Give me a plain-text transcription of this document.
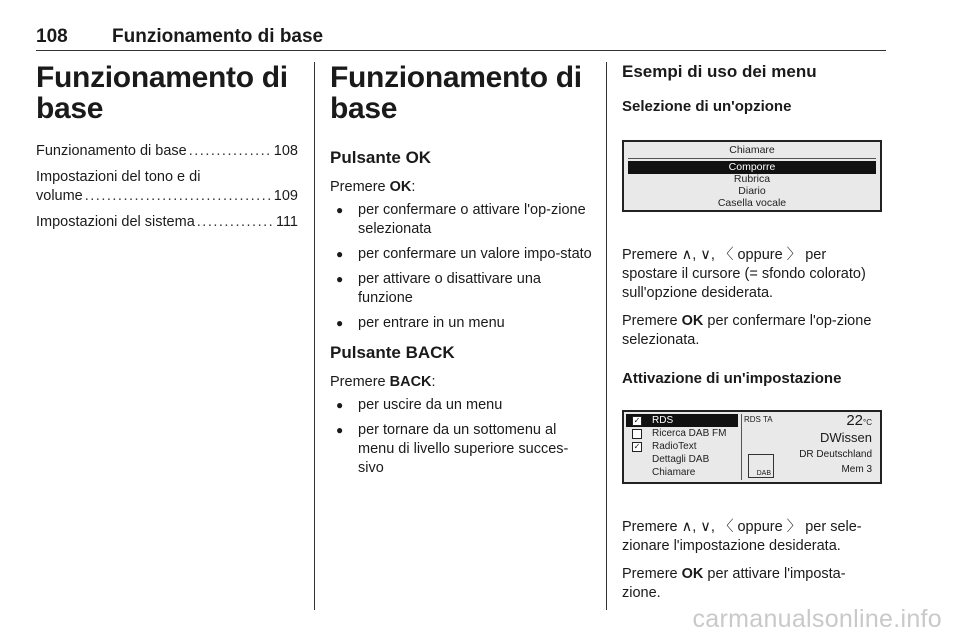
108 Funzionamento di base
Funzionamento di base
Funzionamento di base .....	108
Impostazioni del tono e di
volume .....	109
Impostazioni del sistema .....	111
Funzionamento di base
Pulsante OK

Premere OK:

● per confermare o attivare l'op-zione selezionata
● per confermare un valore impo-stato
● per attivare o disattivare una funzione
● per entrare in un menu
Pulsante BACK

Premere BACK:

● per uscire da un menu
● per tornare da un sottomenu al menu di livello superiore succes-sivo
Esempi di uso dei menu
Selezione di un'opzione
Chiamare
Comporre
Rubrica
Diario
Casella vocale

Premere ∧, ∨, 〈 oppure 〉 per spostare il cursore (= sfondo colorato) sull'opzione desiderata.

Premere OK per confermare l'op-zione selezionata.

Attivazione di un'impostazione
✓ RDS
Ricerca DAB FM
✓ RadioText
Dettagli DAB
Chiamare
RDS TA	22°C
DWissen
DR Deutschland
Mem 3
DAB

Premere ∧, ∨, 〈 oppure 〉 per sele-zionare l'impostazione desiderata.

Premere OK per attivare l'imposta-zione.

carmanualsonline.info
